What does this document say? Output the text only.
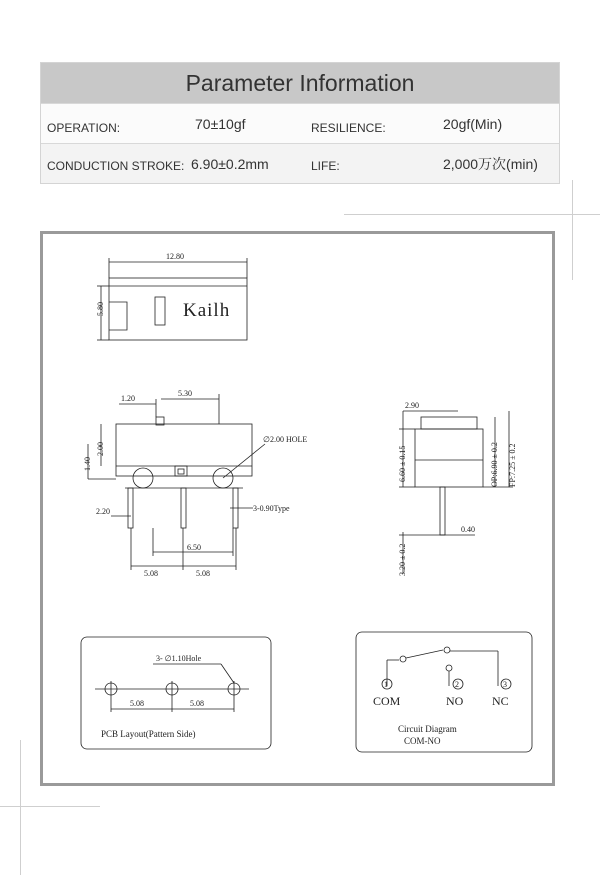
Parameter Information
OPERATION:	70±10gf	RESILIENCE:	20gf(Min)
CONDUCTION STROKE: 6.90±0.2mm	LIFE:	2,000万次(min)
12.80
5.80	Kailh
1.20
5.30
2.00
1.40
∅2.00 HOLE
2.20	3-0.90Type
6.50
5.08	5.08
2.90
6.60 ± 0.15	OP:6.90 ± 0.2 FP:7.25 ± 0.2
0.40
3.20 ± 0.2
3- ∅1.10Hole
5.08	5.08
PCB Layout(Pattern Side)
1	2	3
COM	NO NC
Circuit Diagram
COM-NO
